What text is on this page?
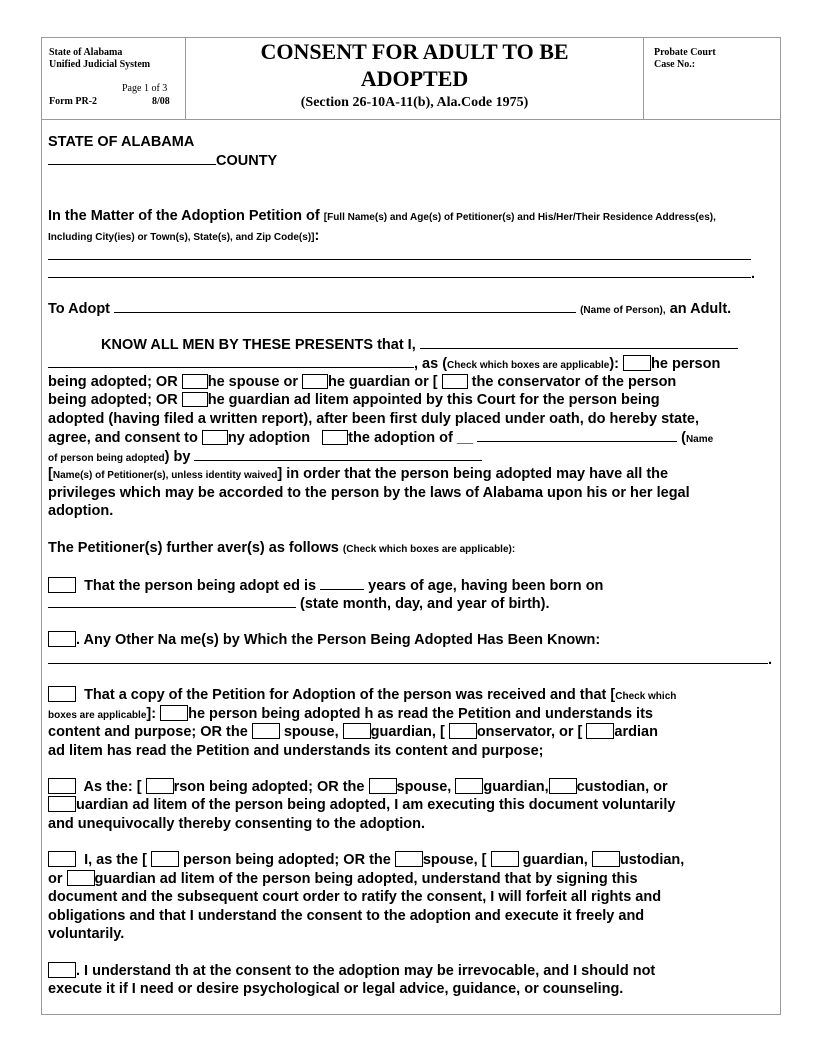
State of Alabama
Unified Judicial System
Page 1 of 3
Form PR-2	8/08
CONSENT FOR ADULT TO BE
ADOPTED
(Section 26-10A-11(b), Ala.Code 1975)
Probate Court
Case No.:
STATE OF ALABAMA
COUNTY
In the Matter of the Adoption Petition of [Full Name(s) and Age(s) of Petitioner(s) and His/Her/Their Residence Address(es),
Including City(ies) or Town(s), State(s), and Zip Code(s)]:
.
To Adopt	(Name of Person), an Adult.
KNOW ALL MEN BY THESE PRESENTS that I,
, as (Check which boxes are applicable): he person
being adopted; OR he spouse or he guardian or [ the conservator of the person
being adopted; OR he guardian ad litem appointed by this Court for the person being
adopted (having filed a written report), after been first duly placed under oath, do hereby state,
agree, and consent to ny adoption	the adoption of __	(Name
of person being adopted) by
[Name(s) of Petitioner(s), unless identity waived] in order that the person being adopted may have all the
privileges which may be accorded to the person by the laws of Alabama upon his or her legal
adoption.
The Petitioner(s) further aver(s) as follows (Check which boxes are applicable):
That the person being adopt ed is	years of age, having been born on
(state month, day, and year of birth).
. Any Other Na me(s) by Which the Person Being Adopted Has Been Known:
.
That a copy of the Petition for Adoption of the person was received and that [Check which
boxes are applicable]: he person being adopted h as read the Petition and understands its
content and purpose; OR the spouse, guardian, [ onservator, or [ ardian
ad litem has read the Petition and understands its content and purpose;
As the: [ rson being adopted; OR the spouse, guardian, custodian, or
uardian ad litem of the person being adopted, I am executing this document voluntarily
and unequivocally thereby consenting to the adoption.
I, as the [ person being adopted; OR the spouse, [ guardian, ustodian,
or guardian ad litem of the person being adopted, understand that by signing this
document and the subsequent court order to ratify the consent, I will forfeit all rights and
obligations and that I understand the consent to the adoption and execute it freely and
voluntarily.
. I understand th at the consent to the adoption may be irrevocable, and I should not
execute it if I need or desire psychological or legal advice, guidance, or counseling.
